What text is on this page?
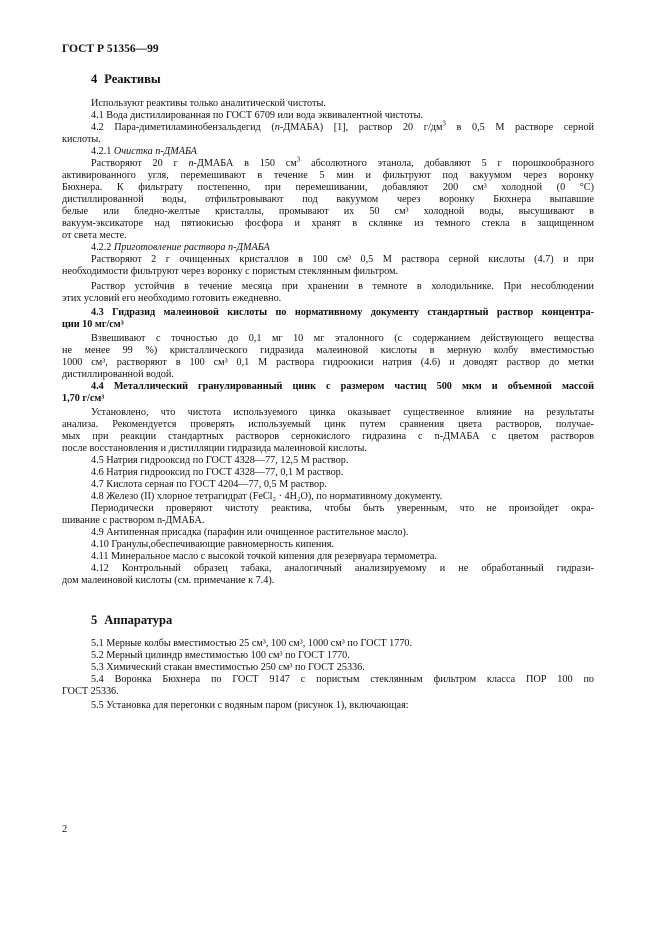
ГОСТ Р 51356—99
4 Реактивы
Используют реактивы только аналитической чистоты.
4.1 Вода дистиллированная по ГОСТ 6709 или вода эквивалентной чистоты.
4.2 Пара-диметиламинобензальдегид (n-ДМАБА) [1], раствор 20 $г/дм^3$ в 0,5 М растворе серной
кислоты.
4.2.1 Очистка n-ДМАБА
Растворяют 20 г n-ДМАБА в 150 $см^3$ абсолютного этанола, добавляют 5 г порошкообразного
активированного угля, перемешивают в течение 5 мин и фильтруют под вакуумом через воронку
Бюхнера. К фильтрату постепенно, при перемешивании, добавляют 200 см³ холодной (0 °С)
дистиллированной воды, отфильтровывают под вакуумом через воронку Бюхнера выпавшие
белые или бледно-желтые кристаллы, промывают их 50 см³ холодной воды, высушивают в
вакуум-эксикаторе над пятиокисью фосфора и хранят в склянке из темного стекла в защищенном
от света месте.
4.2.2 Приготовление раствора n-ДМАБА
Растворяют 2 г очищенных кристаллов в 100 см³ 0,5 М раствора серной кислоты (4.7) и при
необходимости фильтруют через воронку с пористым стеклянным фильтром.
Раствор устойчив в течение месяца при хранении в темноте в холодильнике. При несоблюдении
этих условий его необходимо готовить ежедневно.
4.3 Гидразид малеиновой кислоты по нормативному документу стандартный раствор концентра-
ции 10 мг/см³
Взвешивают с точностью до 0,1 мг 10 мг эталонного (с содержанием действующего вещества
не менее 99 %) кристаллического гидразида малеиновой кислоты в мерную колбу вместимостью
1000 см³, растворяют в 100 см³ 0,1 М раствора гидроокиси натрия (4.6) и доводят раствор до метки
дистиллированной водой.
4.4 Металлический гранулированный цинк с размером частиц 500 мкм и объемной массой
1,70 г/см³
Установлено, что чистота используемого цинка оказывает существенное влияние на результаты
анализа. Рекомендуется проверять используемый цинк путем сравнения цвета растворов, получае-
мых при реакции стандартных растворов сернокислого гидразина с n-ДМАБА с цветом растворов
после восстановления и дистилляции гидразида малеиновой кислоты.
4.5 Натрия гидрооксид по ГОСТ 4328—77, 12,5 М раствор.
4.6 Натрия гидрооксид по ГОСТ 4328—77, 0,1 М раствор.
4.7 Кислота серная по ГОСТ 4204—77, 0,5 М раствор.
4.8 Железо (II) хлорное тетрагидрат (FeCl₂ · 4H₂O), по нормативному документу.
Периодически проверяют чистоту реактива, чтобы быть уверенным, что не произойдет окра-
шивание с раствором n-ДМАБА.
4.9 Антипенная присадка (парафин или очищенное растительное масло).
4.10 Гранулы,обеспечивающие равномерность кипения.
4.11 Минеральное масло с высокой точкой кипения для резервуара термометра.
4.12 Контрольный образец табака, аналогичный анализируемому и не обработанный гидрази-
дом малеиновой кислоты (см. примечание к 7.4).
5 Аппаратура
5.1 Мерные колбы вместимостью 25 см³, 100 см³, 1000 см³ по ГОСТ 1770.
5.2 Мерный цилиндр вместимостью 100 см³ по ГОСТ 1770.
5.3 Химический стакан вместимостью 250 см³ по ГОСТ 25336.
5.4 Воронка Бюхнера по ГОСТ 9147 с пористым стеклянным фильтром класса ПОР 100 по
ГОСТ 25336.
5.5 Установка для перегонки с водяным паром (рисунок 1), включающая:
2
